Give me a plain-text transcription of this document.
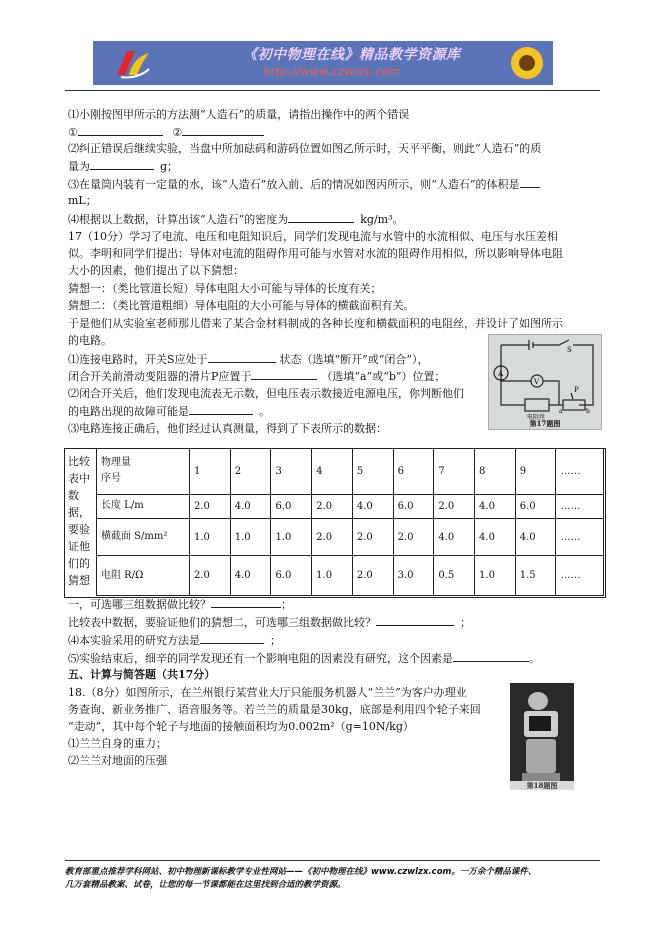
《初中物理在线》精品教学资源库
http://www.czwlzx.com
⑴小刚按图甲所示的方法测“人造石”的质量，请指出操作中的两个错误
①	②
⑵纠正错误后继续实验，当盘中所加砝码和游码位置如图乙所示时，天平平衡，则此“人造石”的质
量为	g；
⑶在量筒内装有一定量的水，该“人造石”放入前、后的情况如图丙所示，则“人造石”的体积是
mL；
⑷根据以上数据，计算出该“人造石”的密度为	kg/m³。
17（10分）学习了电流、电压和电阻知识后，同学们发现电流与水管中的水流相似、电压与水压差相
似。李明和同学们提出：导体对电流的阻碍作用可能与水管对水流的阻碍作用相似，所以影响导体电阻
大小的因素，他们提出了以下猜想：
猜想一：（类比管道长短）导体电阻大小可能与导体的长度有关；
猜想二：（类比管道粗细）导体电阻的大小可能与导体的横截面积有关。
于是他们从实验室老师那儿借来了某合金材料制成的各种长度和横截面积的电阻丝，并设计了如图所示
的电路。
⑴连接电路时，开关S应处于	状态（选填“断开”或“闭合”），
闭合开关前滑动变阻器的滑片P应置于	（选填“a”或“b”）位置；
⑵闭合开关后，他们发现电流表无示数，但电压表示数接近电源电压，你判断他们
的电路出现的故障可能是	。
⑶电路连接正确后，他们经过认真测量，得到了下表所示的数据：
S
A
V
P
电阻丝
a	b
第17题图
比较
表中
数
据，
要验
证他
们的
猜想
物理量
序号	1	2	3	4	5	6	7	8	9	……
长度 L/m	2.0	4.0	6.0	2.0	4.0	6.0	2.0	4.0	6.0	……
横截面 S/mm²	1.0	1.0	1.0	2.0	2.0	2.0	4.0	4.0	4.0	……
电阻 R/Ω	2.0	4.0	6.0	1.0	2.0	3.0	0.5	1.0	1.5	……
一，可选哪三组数据做比较？	；
比较表中数据，要验证他们的猜想二，可选哪三组数据做比较？	；
⑷本实验采用的研究方法是	；
⑸实验结束后，细辛的同学发现还有一个影响电阻的因素没有研究，这个因素是	。
五、计算与简答题（共17分）
18.（8分）如图所示，在兰州银行某营业大厅只能服务机器人“兰兰”为客户办理业
务查询、新业务推广、语音服务等。若兰兰的质量是30kg，底部是利用四个轮子来回
“走动”，其中每个轮子与地面的接触面积均为0.002m²（g=10N/kg）
⑴兰兰自身的重力；
⑵兰兰对地面的压强
第18题图
教育部重点推荐学科网站、初中物理新课标教学专业性网站——《初中物理在线》www.czwlzx.com。一万余个精品课件、
几万套精品教案、试卷，让您的每一节课都能在这里找到合适的教学资源。
